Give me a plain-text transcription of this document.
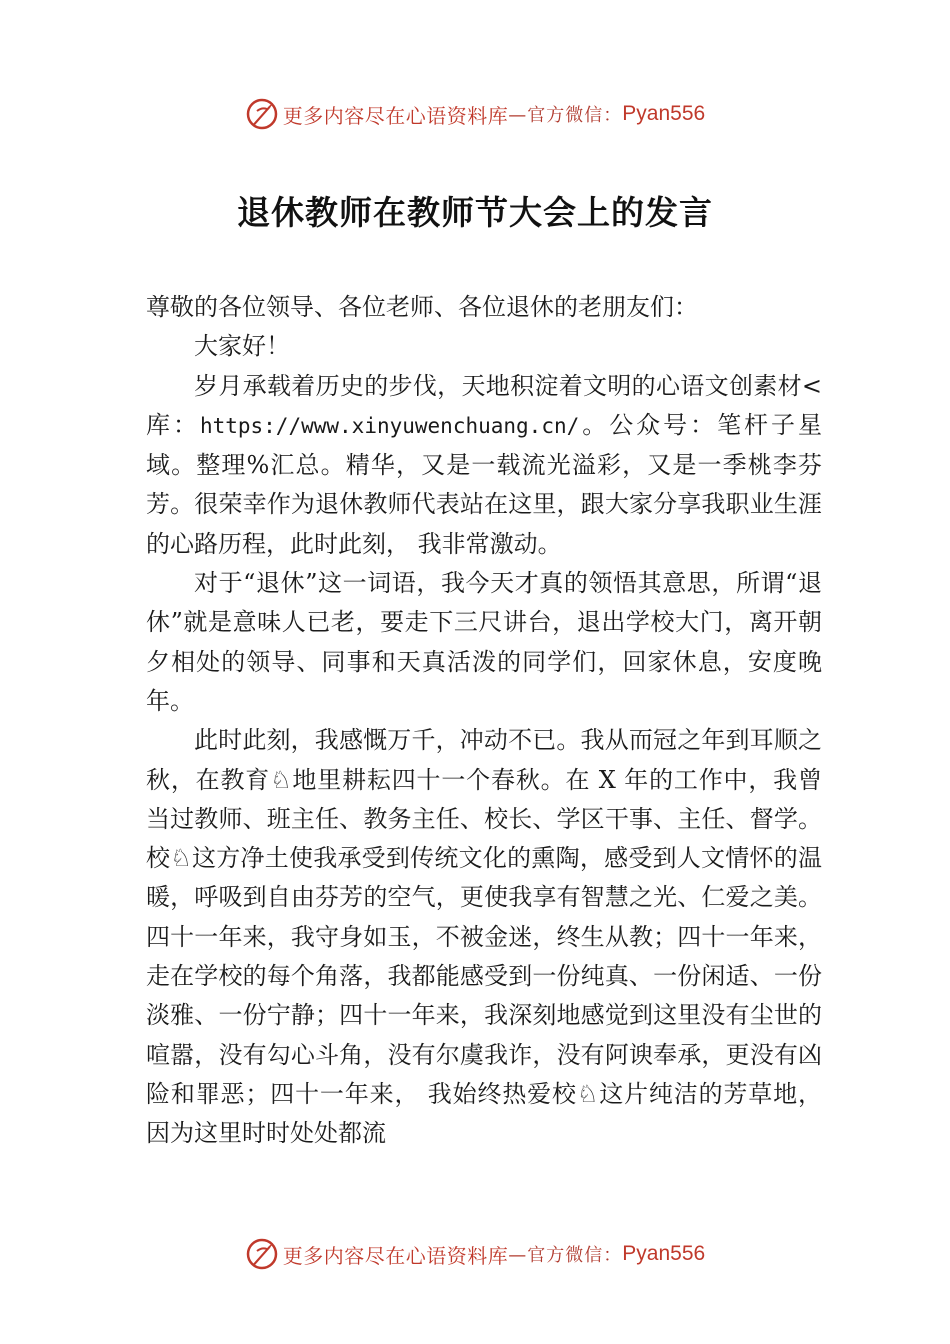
更多内容尽在心语资料库 —官方微信： Pyan556
退休教师在教师节大会上的发言

尊敬的各位领导、各位老师、各位退休的老朋友们：

大家好！

岁月承载着历史的步伐，天地积淀着文明的心语文创素材<库：https://www.xinyuwenchuang.cn/。公众号：笔杆子星域。整理%汇总。精华，又是一载流光溢彩，又是一季桃李芬芳。很荣幸作为退休教师代表站在这里，跟大家分享我职业生涯的心路历程，此时此刻， 我非常激动。

对于“退休”这一词语，我今天才真的领悟其意思，所谓“退休”就是意味人已老，要走下三尺讲台，退出学校大门，离开朝夕相处的领导、同事和天真活泼的同学们，回家休息，安度晚年。

此时此刻，我感慨万千，冲动不已。我从而冠之年到耳顺之秋，在教育♘地里耕耘四十一个春秋。在 X 年的工作中，我曾当过教师、班主任、教务主任、校长、学区干事、主任、督学。校♘这方净土使我承受到传统文化的熏陶，感受到人文情怀的温暖，呼吸到自由芬芳的空气，更使我享有智慧之光、仁爱之美。四十一年来，我守身如玉，不被金迷，终生从教；四十一年来，走在学校的每个角落，我都能感受到一份纯真、一份闲适、一份淡雅、一份宁静；四十一年来，我深刻地感觉到这里没有尘世的喧嚣，没有勾心斗角，没有尔虞我诈，没有阿谀奉承，更没有凶险和罪恶；四十一年来， 我始终热爱校♘这片纯洁的芳草地，因为这里时时处处都流

更多内容尽在心语资料库 —官方微信： Pyan556
